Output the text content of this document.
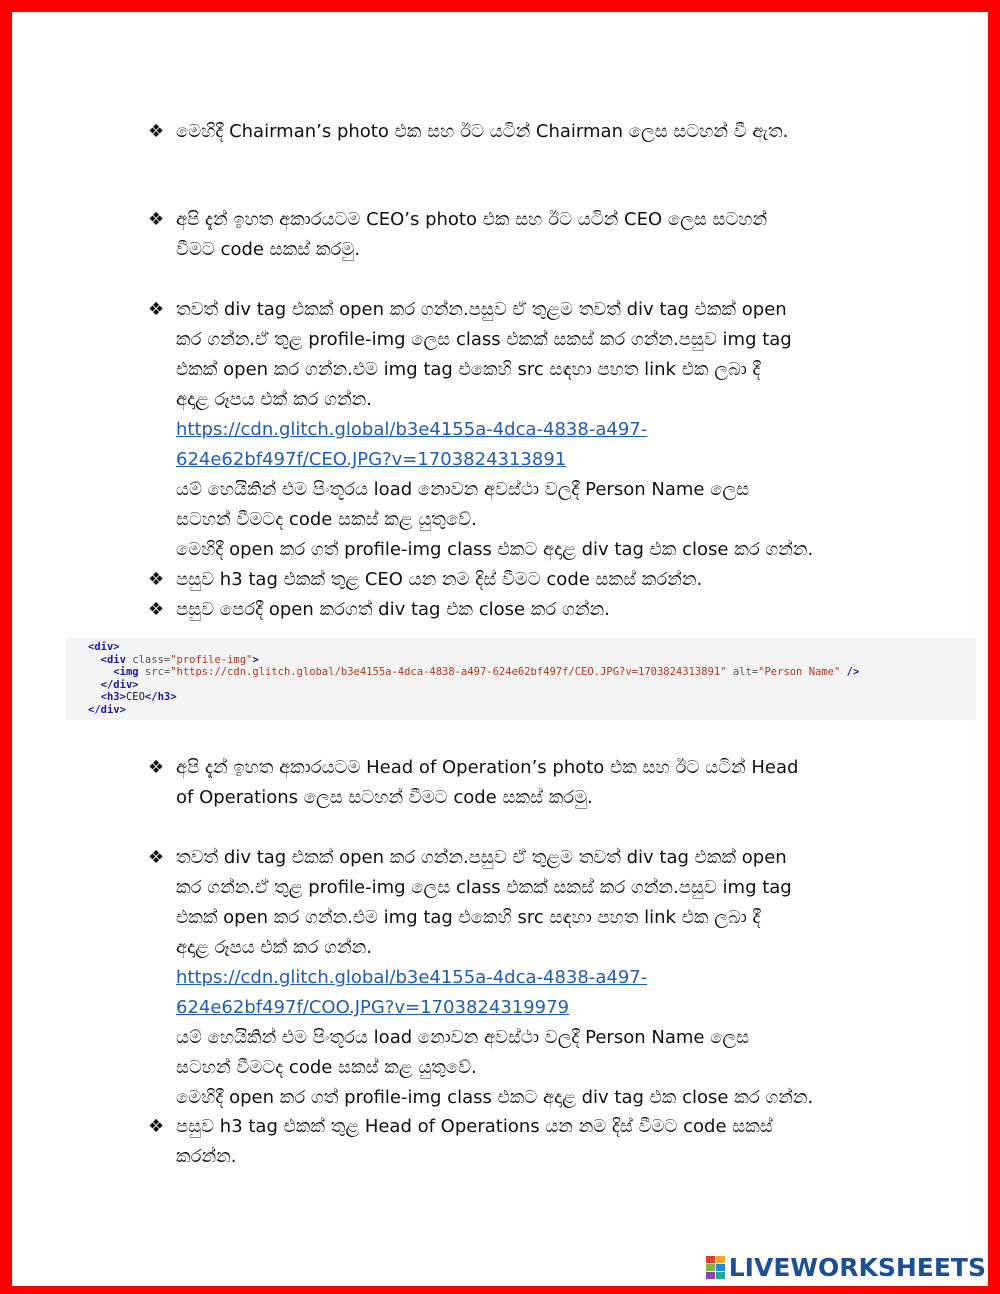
❖ මෙහිදී Chairman’s photo එක සහ ඊට යටින් Chairman ලෙස සටහන් වී ඇත.
❖ අපි දැන් ඉහත අකාරයටම CEO’s photo එක සහ ඊට යටින් CEO ලෙස සටහන්
වීමට code සකස් කරමු.
❖ තවත් div tag එකක් open කර ගන්න.පසුව ඒ තුළම තවත් div tag එකක් open
කර ගන්න.ඒ තුළ profile-img ලෙස class එකක් සකස් කර ගන්න.පසුව img tag
එකක් open කර ගන්න.එම img tag එකෙහි src සඳහා පහත link එක ලබා දී
අදාළ රූපය එක් කර ගන්න.
https://cdn.glitch.global/b3e4155a-4dca-4838-a497-
624e62bf497f/CEO.JPG?v=1703824313891
යම් හෙයිකින් එම පිංතූරය load නොවන අවස්ථා වලදී Person Name ලෙස
සටහන් වීමටද code සකස් කළ යුතුවේ.
මෙහිදී open කර ගත් profile-img class එකට අදාළ div tag එක close කර ගන්න.
❖ පසුව h3 tag එකක් තුළ CEO යන නම දිස් වීමට code සකස් කරන්න.
❖ පසුව පෙරදී open කරගත් div tag එක close කර ගන්න.
<div>
<div class="profile-img">
<img src="https://cdn.glitch.global/b3e4155a-4dca-4838-a497-624e62bf497f/CEO.JPG?v=1703824313891" alt="Person Name" />
</div>
<h3>CEO</h3>
</div>
❖ අපි දැන් ඉහත අකාරයටම Head of Operation’s photo එක සහ ඊට යටින් Head
of Operations ලෙස සටහන් වීමට code සකස් කරමු.
❖ තවත් div tag එකක් open කර ගන්න.පසුව ඒ තුළම තවත් div tag එකක් open
කර ගන්න.ඒ තුළ profile-img ලෙස class එකක් සකස් කර ගන්න.පසුව img tag
එකක් open කර ගන්න.එම img tag එකෙහි src සඳහා පහත link එක ලබා දී
අදාළ රූපය එක් කර ගන්න.
https://cdn.glitch.global/b3e4155a-4dca-4838-a497-
624e62bf497f/COO.JPG?v=1703824319979
යම් හෙයිකින් එම පිංතූරය load නොවන අවස්ථා වලදී Person Name ලෙස
සටහන් වීමටද code සකස් කළ යුතුවේ.
මෙහිදී open කර ගත් profile-img class එකට අදාළ div tag එක close කර ගන්න.
❖ පසුව h3 tag එකක් තුළ Head of Operations යන නම දිස් වීමට code සකස්
කරන්න.
LIVEWORKSHEETS
